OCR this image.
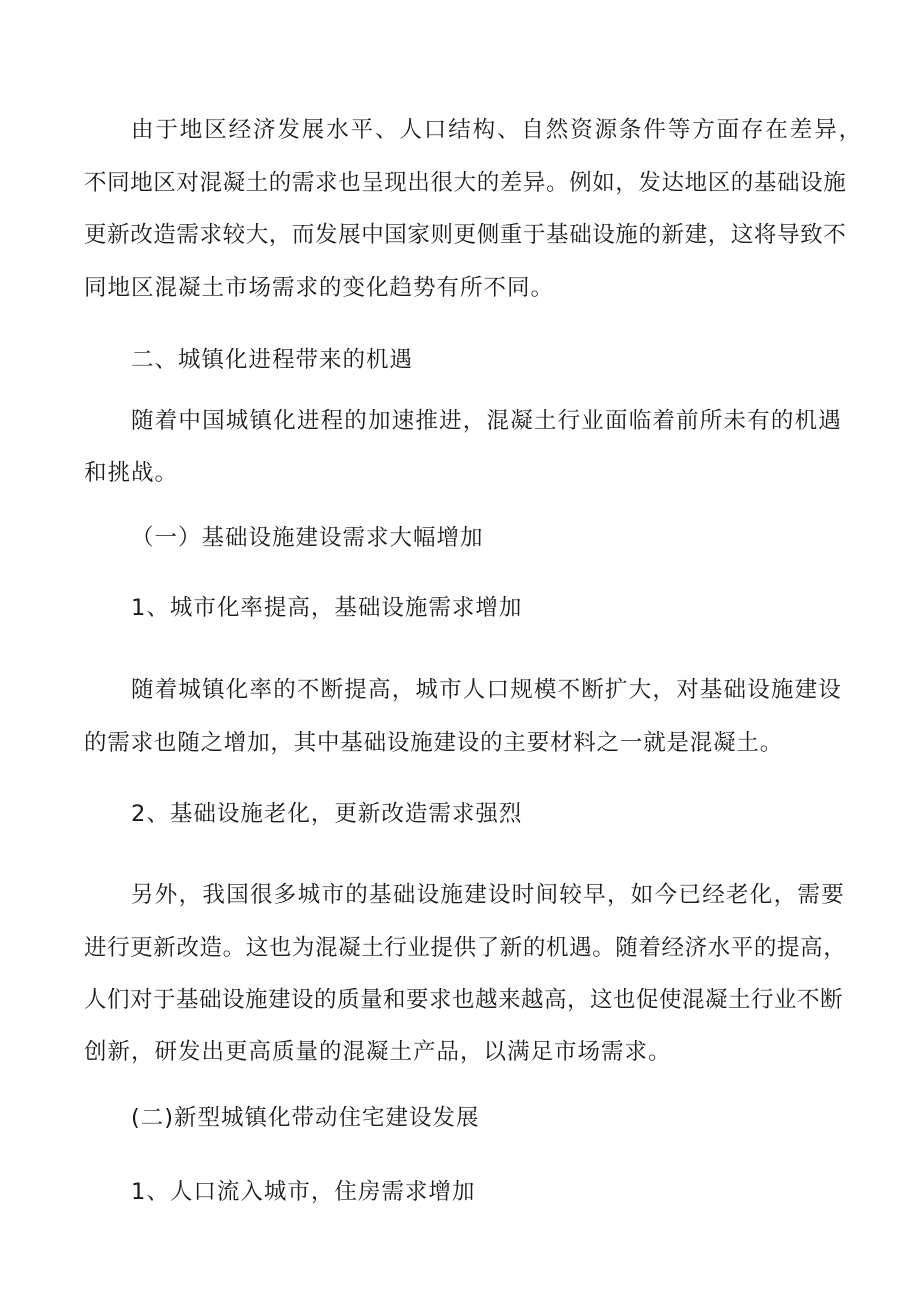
由于地区经济发展水平、人口结构、自然资源条件等方面存在差异，
不同地区对混凝土的需求也呈现出很大的差异。例如，发达地区的基础设施
更新改造需求较大，而发展中国家则更侧重于基础设施的新建，这将导致不
同地区混凝土市场需求的变化趋势有所不同。
二、城镇化进程带来的机遇
随着中国城镇化进程的加速推进，混凝土行业面临着前所未有的机遇
和挑战。
（一）基础设施建设需求大幅增加
1、城市化率提高，基础设施需求增加
随着城镇化率的不断提高，城市人口规模不断扩大，对基础设施建设
的需求也随之增加，其中基础设施建设的主要材料之一就是混凝土。
2、基础设施老化，更新改造需求强烈
另外，我国很多城市的基础设施建设时间较早，如今已经老化，需要
进行更新改造。这也为混凝土行业提供了新的机遇。随着经济水平的提高，
人们对于基础设施建设的质量和要求也越来越高，这也促使混凝土行业不断
创新，研发出更高质量的混凝土产品，以满足市场需求。
(二)新型城镇化带动住宅建设发展
1、人口流入城市，住房需求增加
